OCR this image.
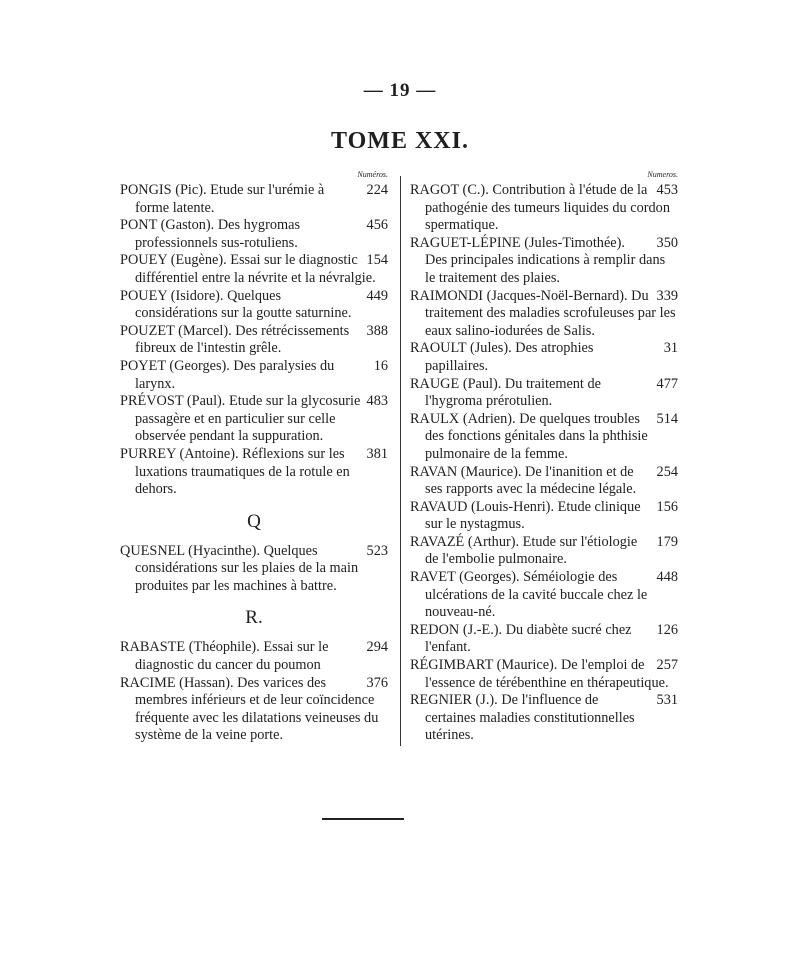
— 19 —
TOME XXI.
Numéros.

224
PONGIS (Pic). Etude sur l'urémie à forme latente.

456
PONT (Gaston). Des hygromas professionnels sus-rotuliens.

154
POUEY (Eugène). Essai sur le diagnostic différentiel entre la névrite et la névralgie.

449
POUEY (Isidore). Quelques considérations sur la goutte saturnine.

388
POUZET (Marcel). Des rétrécissements fibreux de l'intestin grêle.

16
POYET (Georges). Des paralysies du larynx.

483
PRÉVOST (Paul). Etude sur la glycosurie passagère et en particulier sur celle observée pendant la suppuration.

381
PURREY (Antoine). Réflexions sur les luxations traumatiques de la rotule en dehors.

Q

523
QUESNEL (Hyacinthe). Quelques considérations sur les plaies de la main produites par les machines à battre.

R.

294
RABASTE (Théophile). Essai sur le diagnostic du cancer du poumon

376
RACIME (Hassan). Des varices des membres inférieurs et de leur coïncidence fréquente avec les dilatations veineuses du système de la veine porte.

Numeros.

453
RAGOT (C.). Contribution à l'étude de la pathogénie des tumeurs liquides du cordon spermatique.

350
RAGUET-LÉPINE (Jules-Timothée). Des principales indications à remplir dans le traitement des plaies.

339
RAIMONDI (Jacques-Noël-Bernard). Du traitement des maladies scrofuleuses par les eaux salino-iodurées de Salis.

31
RAOULT (Jules). Des atrophies papillaires.

477
RAUGE (Paul). Du traitement de l'hygroma prérotulien.

514
RAULX (Adrien). De quelques troubles des fonctions génitales dans la phthisie pulmonaire de la femme.

254
RAVAN (Maurice). De l'inanition et de ses rapports avec la médecine légale.

156
RAVAUD (Louis-Henri). Etude clinique sur le nystagmus.

179
RAVAZÉ (Arthur). Etude sur l'étiologie de l'embolie pulmonaire.

448
RAVET (Georges). Séméiologie des ulcérations de la cavité buccale chez le nouveau-né.

126
REDON (J.-E.). Du diabète sucré chez l'enfant.

257
RÉGIMBART (Maurice). De l'emploi de l'essence de térébenthine en thérapeutique.

531
REGNIER (J.). De l'influence de certaines maladies constitutionnelles utérines.
